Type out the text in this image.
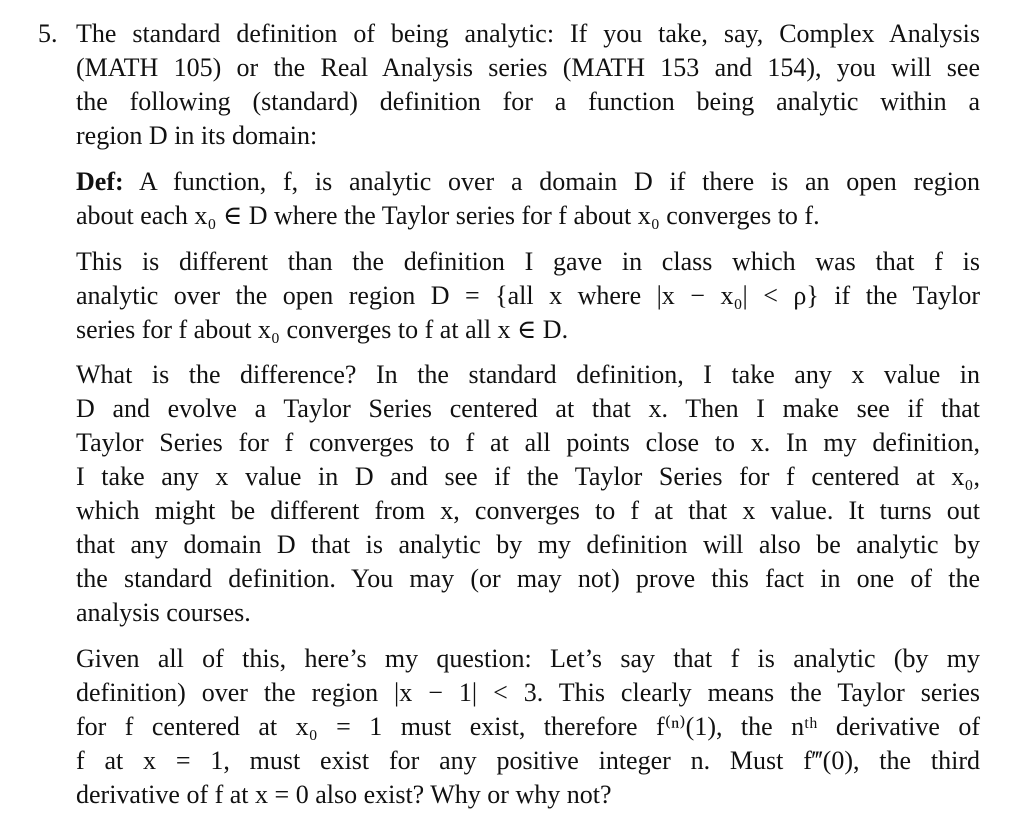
5. The standard definition of being analytic: If you take, say, Complex Analysis
(MATH 105) or the Real Analysis series (MATH 153 and 154), you will see
the following (standard) definition for a function being analytic within a
region D in its domain:

Def: A function, f, is analytic over a domain D if there is an open region
about each x₀ ∈ D where the Taylor series for f about x₀ converges to f.

This is different than the definition I gave in class which was that f is
analytic over the open region D = {all x where |x − x₀| < ρ} if the Taylor
series for f about x₀ converges to f at all x ∈ D.

What is the difference? In the standard definition, I take any x value in
D and evolve a Taylor Series centered at that x. Then I make see if that
Taylor Series for f converges to f at all points close to x. In my definition,
I take any x value in D and see if the Taylor Series for f centered at x₀,
which might be different from x, converges to f at that x value. It turns out
that any domain D that is analytic by my definition will also be analytic by
the standard definition. You may (or may not) prove this fact in one of the
analysis courses.

Given all of this, here’s my question: Let’s say that f is analytic (by my
definition) over the region |x − 1| < 3. This clearly means the Taylor series
for f centered at x₀ = 1 must exist, therefore f⁽ⁿ⁾(1), the nᵗʰ derivative of
f at x = 1, must exist for any positive integer n. Must f‴(0), the third
derivative of f at x = 0 also exist? Why or why not?
